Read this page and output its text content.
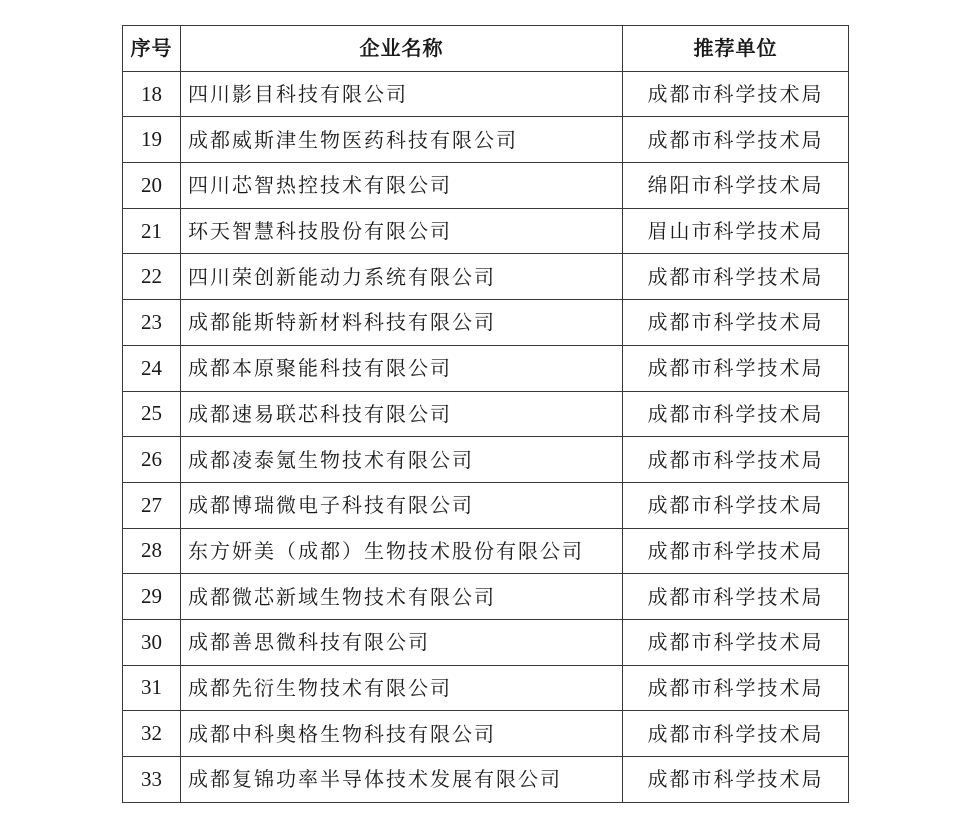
序号	企业名称	推荐单位
18	四川影目科技有限公司	成都市科学技术局
19	成都威斯津生物医药科技有限公司	成都市科学技术局
20	四川芯智热控技术有限公司	绵阳市科学技术局
21	环天智慧科技股份有限公司	眉山市科学技术局
22	四川荣创新能动力系统有限公司	成都市科学技术局
23	成都能斯特新材料科技有限公司	成都市科学技术局
24	成都本原聚能科技有限公司	成都市科学技术局
25	成都速易联芯科技有限公司	成都市科学技术局
26	成都凌泰氪生物技术有限公司	成都市科学技术局
27	成都博瑞微电子科技有限公司	成都市科学技术局
28	东方妍美（成都）生物技术股份有限公司	成都市科学技术局
29	成都微芯新域生物技术有限公司	成都市科学技术局
30	成都善思微科技有限公司	成都市科学技术局
31	成都先衍生物技术有限公司	成都市科学技术局
32	成都中科奥格生物科技有限公司	成都市科学技术局
33	成都复锦功率半导体技术发展有限公司	成都市科学技术局
